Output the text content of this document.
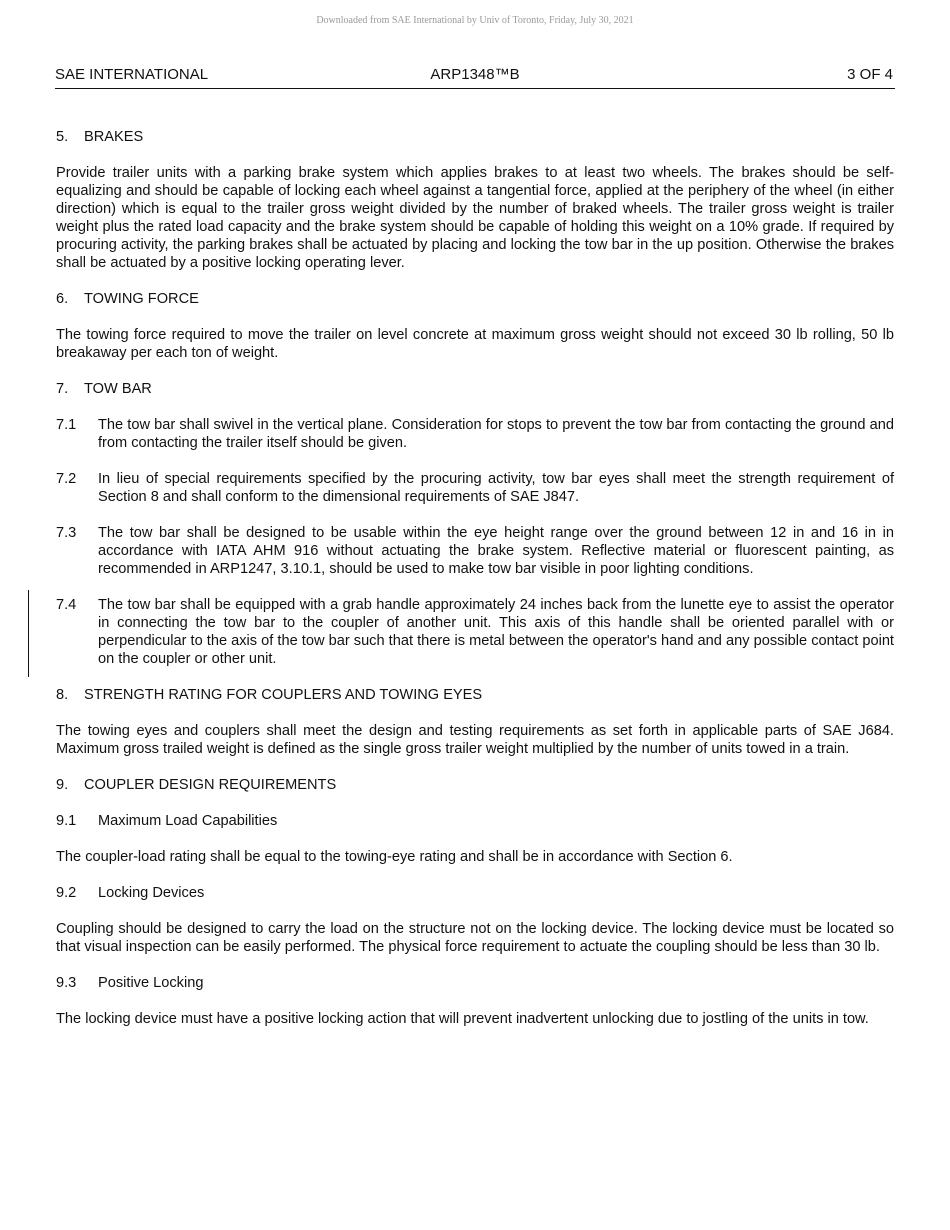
Downloaded from SAE International by Univ of Toronto, Friday, July 30, 2021
SAE INTERNATIONAL	ARP1348™B	3 OF 4
5.	BRAKES

Provide trailer units with a parking brake system which applies brakes to at least two wheels. The brakes should be self-equalizing and should be capable of locking each wheel against a tangential force, applied at the periphery of the wheel (in either direction) which is equal to the trailer gross weight divided by the number of braked wheels. The trailer gross weight is trailer weight plus the rated load capacity and the brake system should be capable of holding this weight on a 10% grade. If required by procuring activity, the parking brakes shall be actuated by placing and locking the tow bar in the up position. Otherwise the brakes shall be actuated by a positive locking operating lever.

6.	TOWING FORCE

The towing force required to move the trailer on level concrete at maximum gross weight should not exceed 30 lb rolling, 50 lb breakaway per each ton of weight.

7.	TOW BAR
7.1	The tow bar shall swivel in the vertical plane. Consideration for stops to prevent the tow bar from contacting the ground and from contacting the trailer itself should be given.
7.2	In lieu of special requirements specified by the procuring activity, tow bar eyes shall meet the strength requirement of Section 8 and shall conform to the dimensional requirements of SAE J847.
7.3	The tow bar shall be designed to be usable within the eye height range over the ground between 12 in and 16 in in accordance with IATA AHM 916 without actuating the brake system. Reflective material or fluorescent painting, as recommended in ARP1247, 3.10.1, should be used to make tow bar visible in poor lighting conditions.
7.4	The tow bar shall be equipped with a grab handle approximately 24 inches back from the lunette eye to assist the operator in connecting the tow bar to the coupler of another unit. This axis of this handle shall be oriented parallel with or perpendicular to the axis of the tow bar such that there is metal between the operator's hand and any possible contact point on the coupler or other unit.
8.	STRENGTH RATING FOR COUPLERS AND TOWING EYES

The towing eyes and couplers shall meet the design and testing requirements as set forth in applicable parts of SAE J684. Maximum gross trailed weight is defined as the single gross trailer weight multiplied by the number of units towed in a train.

9.	COUPLER DESIGN REQUIREMENTS
9.1	Maximum Load Capabilities

The coupler-load rating shall be equal to the towing-eye rating and shall be in accordance with Section 6.

9.2	Locking Devices

Coupling should be designed to carry the load on the structure not on the locking device. The locking device must be located so that visual inspection can be easily performed. The physical force requirement to actuate the coupling should be less than 30 lb.

9.3	Positive Locking

The locking device must have a positive locking action that will prevent inadvertent unlocking due to jostling of the units in tow.
